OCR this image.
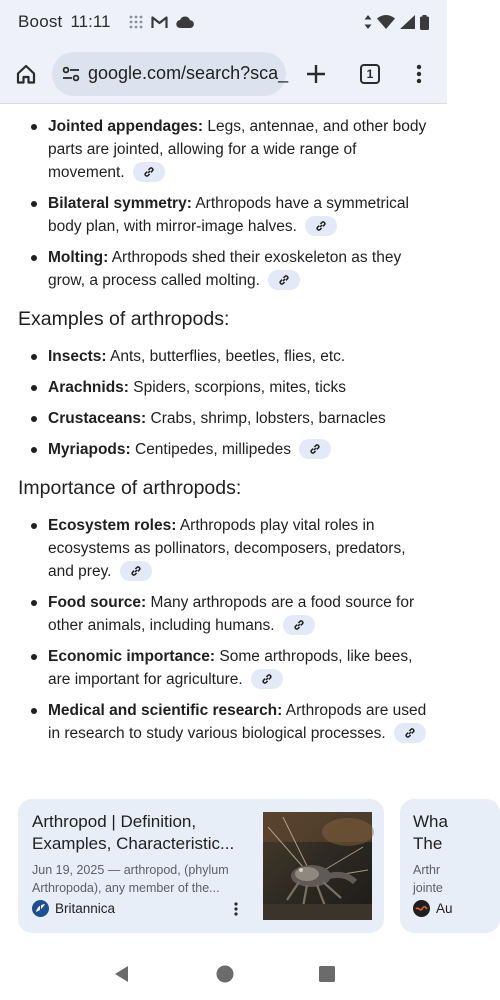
Boost 11:11
google.com/search?sca_	1
Jointed appendages: Legs, antennae, and other body parts are jointed, allowing for a wide range of movement.
Bilateral symmetry: Arthropods have a symmetrical body plan, with mirror-image halves.
Molting: Arthropods shed their exoskeleton as they grow, a process called molting.
Examples of arthropods:
Insects: Ants, butterflies, beetles, flies, etc.
Arachnids: Spiders, scorpions, mites, ticks
Crustaceans: Crabs, shrimp, lobsters, barnacles
Myriapods: Centipedes, millipedes
Importance of arthropods:
Ecosystem roles: Arthropods play vital roles in ecosystems as pollinators, decomposers, predators, and prey.
Food source: Many arthropods are a food source for other animals, including humans.
Economic importance: Some arthropods, like bees, are important for agriculture.
Medical and scientific research: Arthropods are used in research to study various biological processes.
Arthropod | Definition, Examples, Characteristic...
Jun 19, 2025 — arthropod, (phylum Arthropoda), any member of the...
Britannica
Wha
The
Arthr
jointe
Au
